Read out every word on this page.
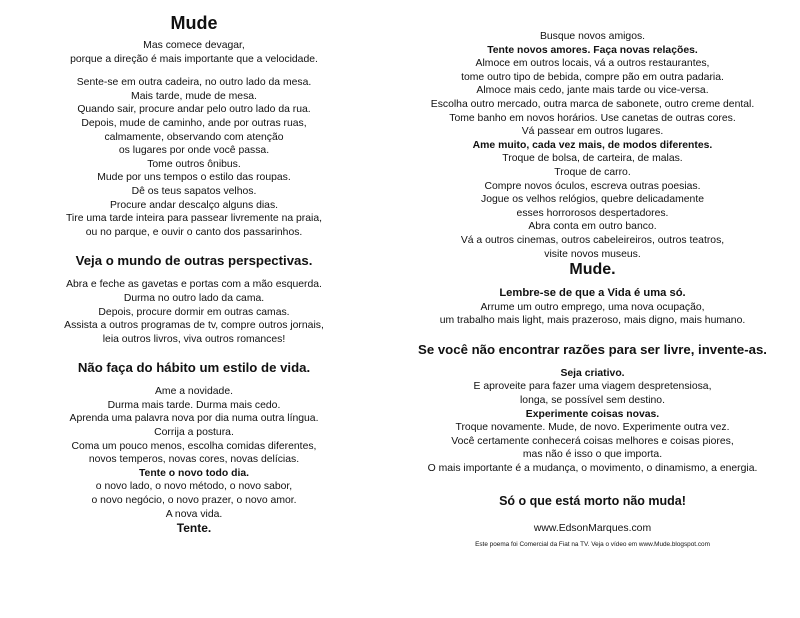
Mude
Mas comece devagar,
porque a direção é mais importante que a velocidade.
Sente-se em outra cadeira, no outro lado da mesa.
Mais tarde, mude de mesa.
Quando sair, procure andar pelo outro lado da rua.
Depois, mude de caminho, ande por outras ruas,
calmamente, observando com atenção
os lugares por onde você passa.
Tome outros ônibus.
Mude por uns tempos o estilo das roupas.
Dê os teus sapatos velhos.
Procure andar descalço alguns dias.
Tire uma tarde inteira para passear livremente na praia,
ou no parque, e ouvir o canto dos passarinhos.
Veja o mundo de outras perspectivas.
Abra e feche as gavetas e portas com a mão esquerda.
Durma no outro lado da cama.
Depois, procure dormir em outras camas.
Assista a outros programas de tv, compre outros jornais,
leia outros livros, viva outros romances!
Não faça do hábito um estilo de vida.
Ame a novidade.
Durma mais tarde. Durma mais cedo.
Aprenda uma palavra nova por dia numa outra língua.
Corrija a postura.
Coma um pouco menos, escolha comidas diferentes,
novos temperos, novas cores, novas delícias.
Tente o novo todo dia.
o novo lado, o novo método, o novo sabor,
o novo negócio, o novo prazer, o novo amor.
A nova vida.
Tente.
Busque novos amigos.
Tente novos amores. Faça novas relações.
Almoce em outros locais, vá a outros restaurantes,
tome outro tipo de bebida, compre pão em outra padaria.
Almoce mais cedo, jante mais tarde ou vice-versa.
Escolha outro mercado, outra marca de sabonete, outro creme dental.
Tome banho em novos horários. Use canetas de outras cores.
Vá passear em outros lugares.
Ame muito, cada vez mais, de modos diferentes.
Troque de bolsa, de carteira, de malas.
Troque de carro.
Compre novos óculos, escreva outras poesias.
Jogue os velhos relógios, quebre delicadamente
esses horrorosos despertadores.
Abra conta em outro banco.
Vá a outros cinemas, outros cabeleireiros, outros teatros,
visite novos museus.
Mude.
Lembre-se de que a Vida é uma só.
Arrume um outro emprego, uma nova ocupação,
um trabalho mais light, mais prazeroso, mais digno, mais humano.
Se você não encontrar razões para ser livre, invente-as.
Seja criativo.
E aproveite para fazer uma viagem despretensiosa,
longa, se possível sem destino.
Experimente coisas novas.
Troque novamente. Mude, de novo. Experimente outra vez.
Você certamente conhecerá coisas melhores e coisas piores,
mas não é isso o que importa.
O mais importante é a mudança, o movimento, o dinamismo, a energia.
Só o que está morto não muda!
www.EdsonMarques.com
Este poema foi Comercial da Fiat na TV. Veja o vídeo em www.Mude.blogspot.com
